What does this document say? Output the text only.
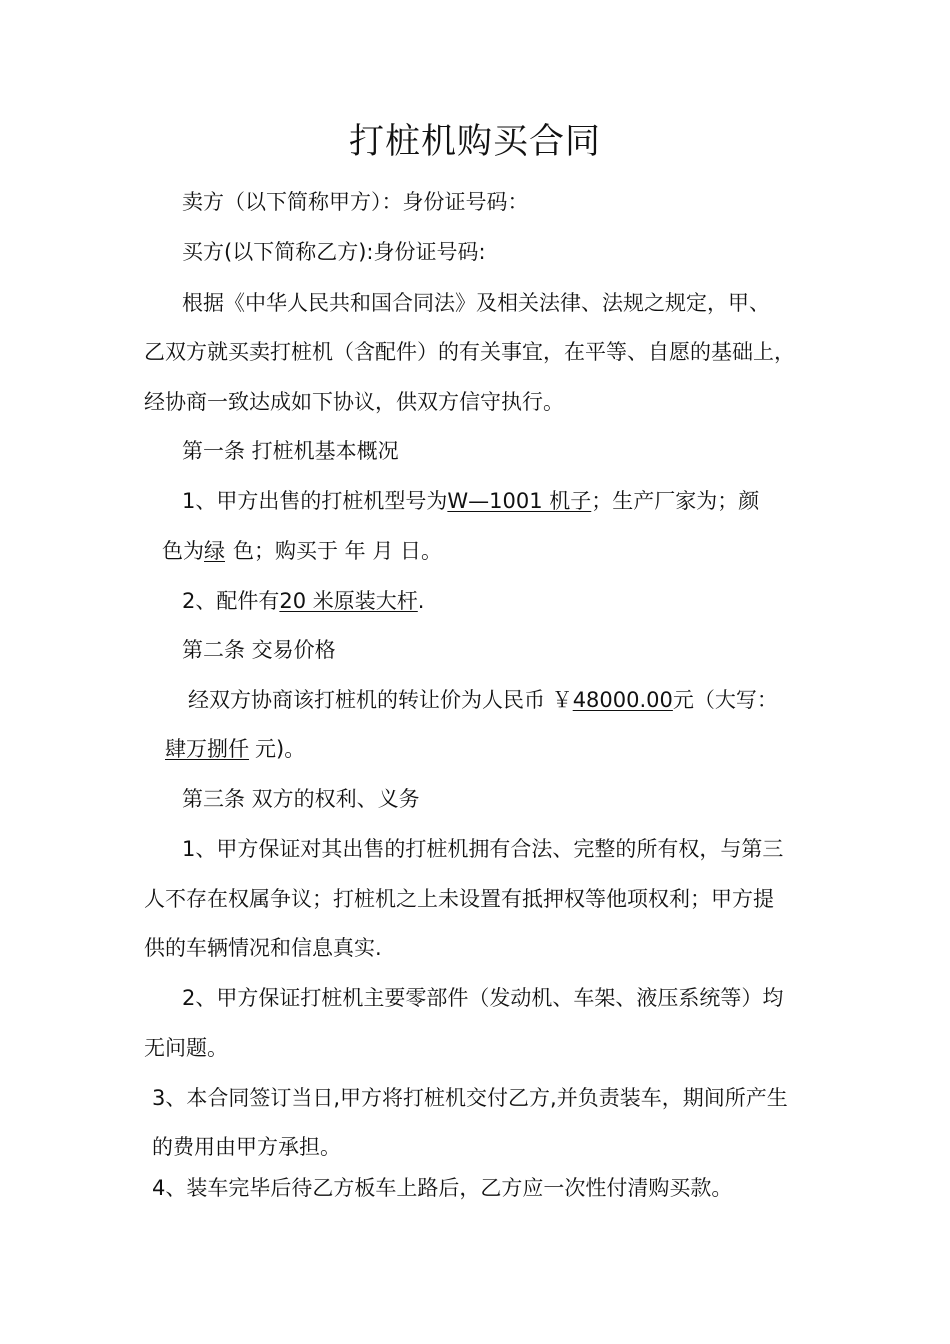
打桩机购买合同
卖方（以下简称甲方）：身份证号码：
买方(以下简称乙方):身份证号码:
根据《中华人民共和国合同法》及相关法律、法规之规定，甲、
乙双方就买卖打桩机（含配件）的有关事宜，在平等、自愿的基础上，
经协商一致达成如下协议，供双方信守执行。
第一条 打桩机基本概况
1、甲方出售的打桩机型号为W—1001 机子；生产厂家为；颜
色为绿 色；购买于 年 月 日。
2、配件有20 米原装大杆.
第二条 交易价格
经双方协商该打桩机的转让价为人民币 ￥48000.00元（大写：
肆万捌仟 元)。
第三条 双方的权利、义务
1、甲方保证对其出售的打桩机拥有合法、完整的所有权，与第三
人不存在权属争议；打桩机之上未设置有抵押权等他项权利；甲方提
供的车辆情况和信息真实.
2、甲方保证打桩机主要零部件（发动机、车架、液压系统等）均
无问题。
3、本合同签订当日,甲方将打桩机交付乙方,并负责装车，期间所产生
的费用由甲方承担。
4、装车完毕后待乙方板车上路后，乙方应一次性付清购买款。
